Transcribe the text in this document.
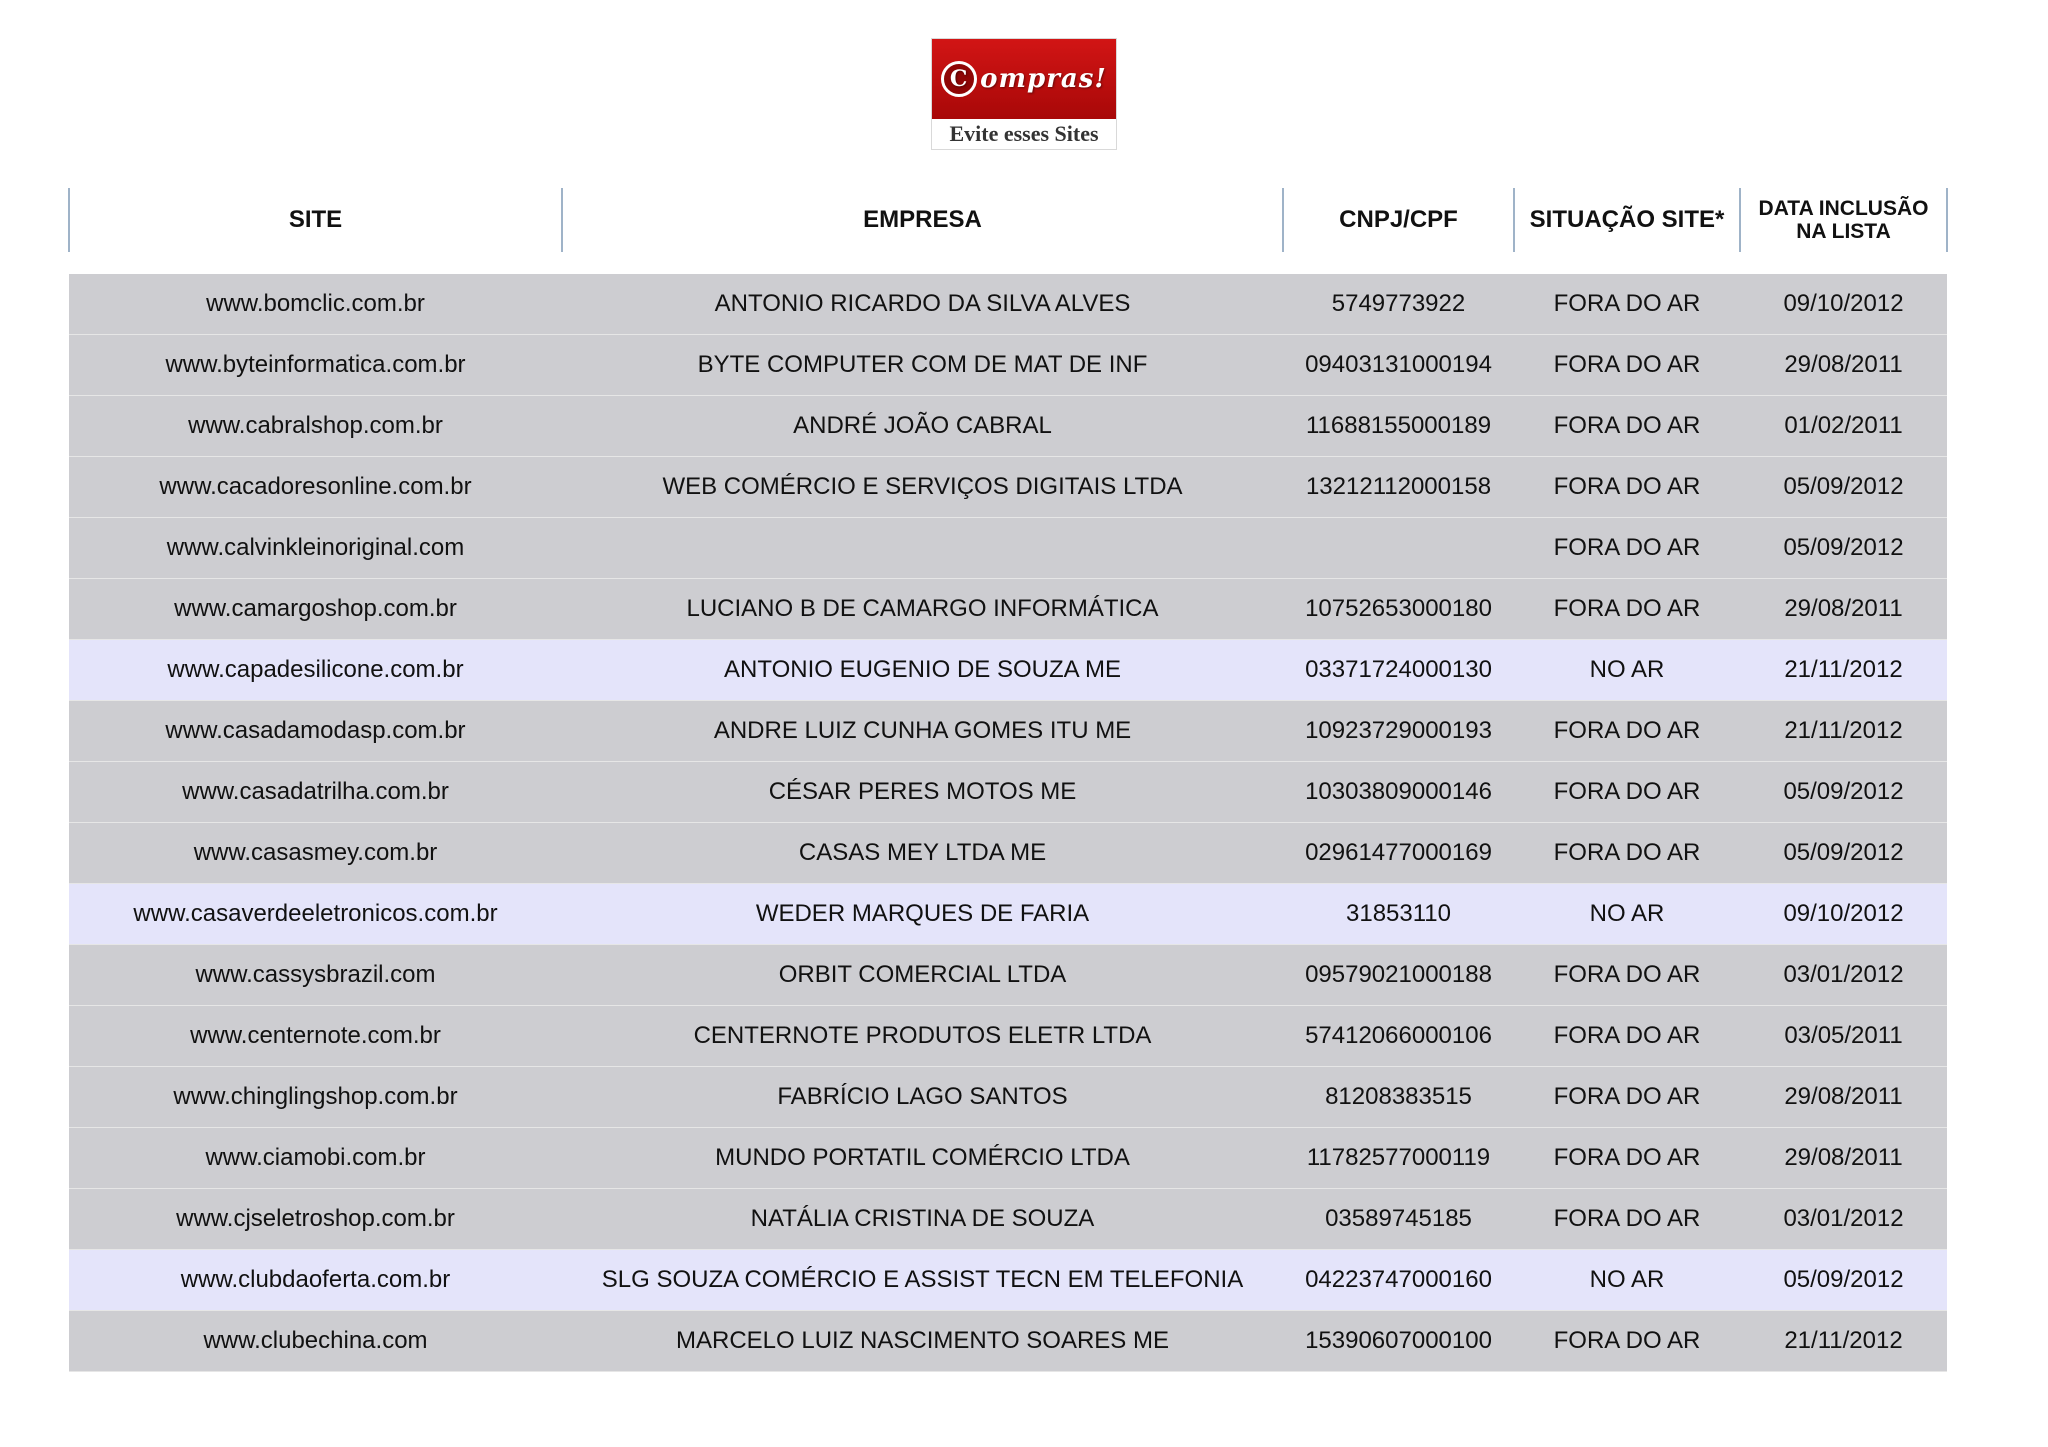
C ompras!
Evite esses Sites
SITE	EMPRESA	CNPJ/CPF	SITUAÇÃO SITE*	DATA INCLUSÃO NA LISTA

www.bomclic.com.br	ANTONIO RICARDO DA SILVA ALVES	5749773922	FORA DO AR	09/10/2012
www.byteinformatica.com.br	BYTE COMPUTER COM DE MAT DE INF	09403131000194	FORA DO AR	29/08/2011
www.cabralshop.com.br	ANDRÉ JOÃO CABRAL	11688155000189	FORA DO AR	01/02/2011
www.cacadoresonline.com.br	WEB COMÉRCIO E SERVIÇOS DIGITAIS LTDA	13212112000158	FORA DO AR	05/09/2012
www.calvinkleinoriginal.com			FORA DO AR	05/09/2012
www.camargoshop.com.br	LUCIANO B DE CAMARGO INFORMÁTICA	10752653000180	FORA DO AR	29/08/2011
www.capadesilicone.com.br	ANTONIO EUGENIO DE SOUZA ME	03371724000130	NO AR	21/11/2012
www.casadamodasp.com.br	ANDRE LUIZ CUNHA GOMES ITU ME	10923729000193	FORA DO AR	21/11/2012
www.casadatrilha.com.br	CÉSAR PERES MOTOS ME	10303809000146	FORA DO AR	05/09/2012
www.casasmey.com.br	CASAS MEY LTDA ME	02961477000169	FORA DO AR	05/09/2012
www.casaverdeeletronicos.com.br	WEDER MARQUES DE FARIA	31853110	NO AR	09/10/2012
www.cassysbrazil.com	ORBIT COMERCIAL LTDA	09579021000188	FORA DO AR	03/01/2012
www.centernote.com.br	CENTERNOTE PRODUTOS ELETR LTDA	57412066000106	FORA DO AR	03/05/2011
www.chinglingshop.com.br	FABRÍCIO LAGO SANTOS	81208383515	FORA DO AR	29/08/2011
www.ciamobi.com.br	MUNDO PORTATIL COMÉRCIO LTDA	11782577000119	FORA DO AR	29/08/2011
www.cjseletroshop.com.br	NATÁLIA CRISTINA DE SOUZA	03589745185	FORA DO AR	03/01/2012
www.clubdaoferta.com.br	SLG SOUZA COMÉRCIO E ASSIST TECN EM TELEFONIA	04223747000160	NO AR	05/09/2012
www.clubechina.com	MARCELO LUIZ NASCIMENTO SOARES ME	15390607000100	FORA DO AR	21/11/2012
